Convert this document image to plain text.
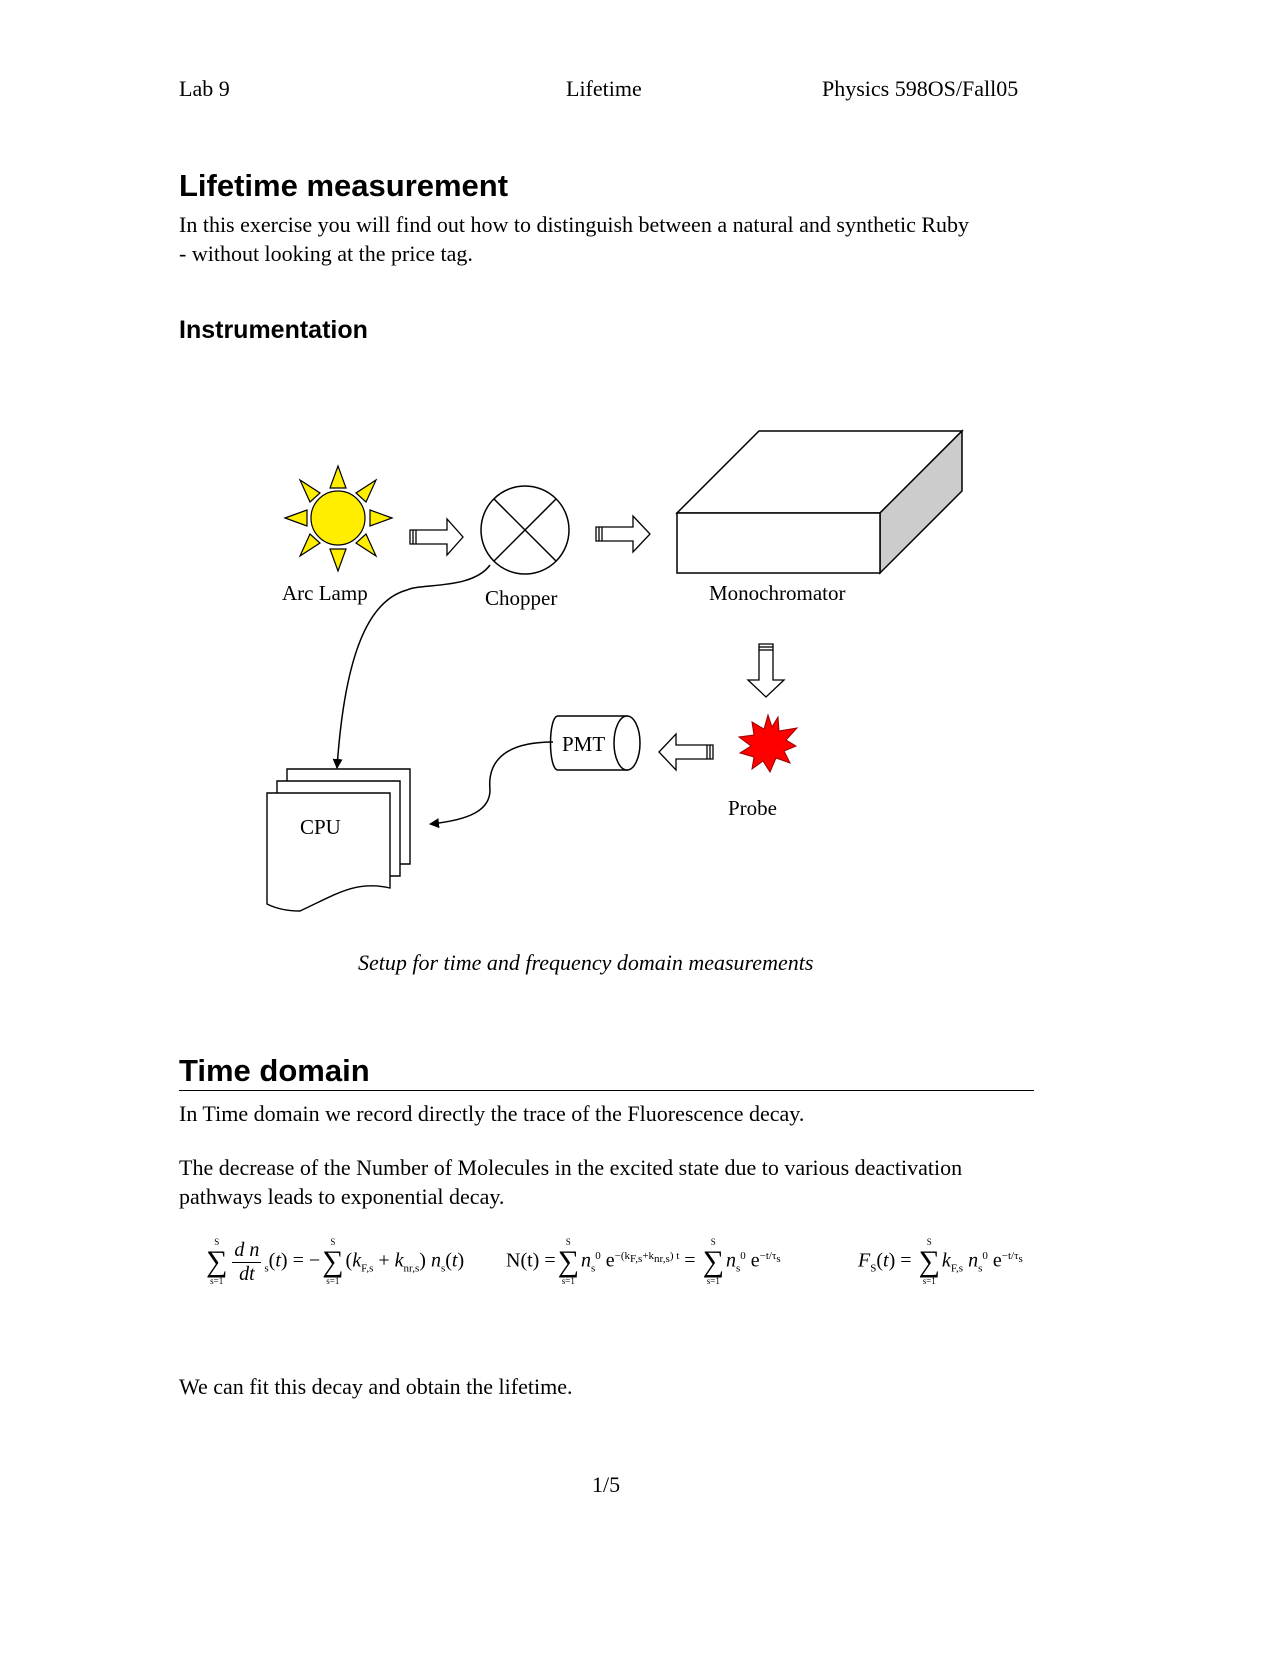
Lab 9	Lifetime	Physics 598OS/Fall05
Lifetime measurement
In this exercise you will find out how to distinguish between a natural and synthetic Ruby
- without looking at the price tag.
Instrumentation
Arc Lamp	Chopper	Monochromator
PMT
Probe
CPU
Setup for time and frequency domain measurements
Time domain
In Time domain we record directly the trace of the Fluorescence decay.
The decrease of the Number of Molecules in the excited state due to various deactivation
pathways leads to exponential decay.
S
∑
$s=1 \frac{\text{d n}}{dt} _s(t)$ = −
S
∑
s=1
$(k_{F,s} + k_{nr,s})$ $n_s(t) N(t)$ =
S
∑
s=1
$n_s^0$ $e^{-(k_{F,s}+k_{nr,s}) t}$ =
S
∑
s=1
$n_s^0$ $e^{-t/\tau_s}$	$F_S(t)$ =
S
∑
s=1
$k_{F,s}$ $n_s^0$ $e^{-t/\tau_s}$
We can fit this decay and obtain the lifetime.
1/5
